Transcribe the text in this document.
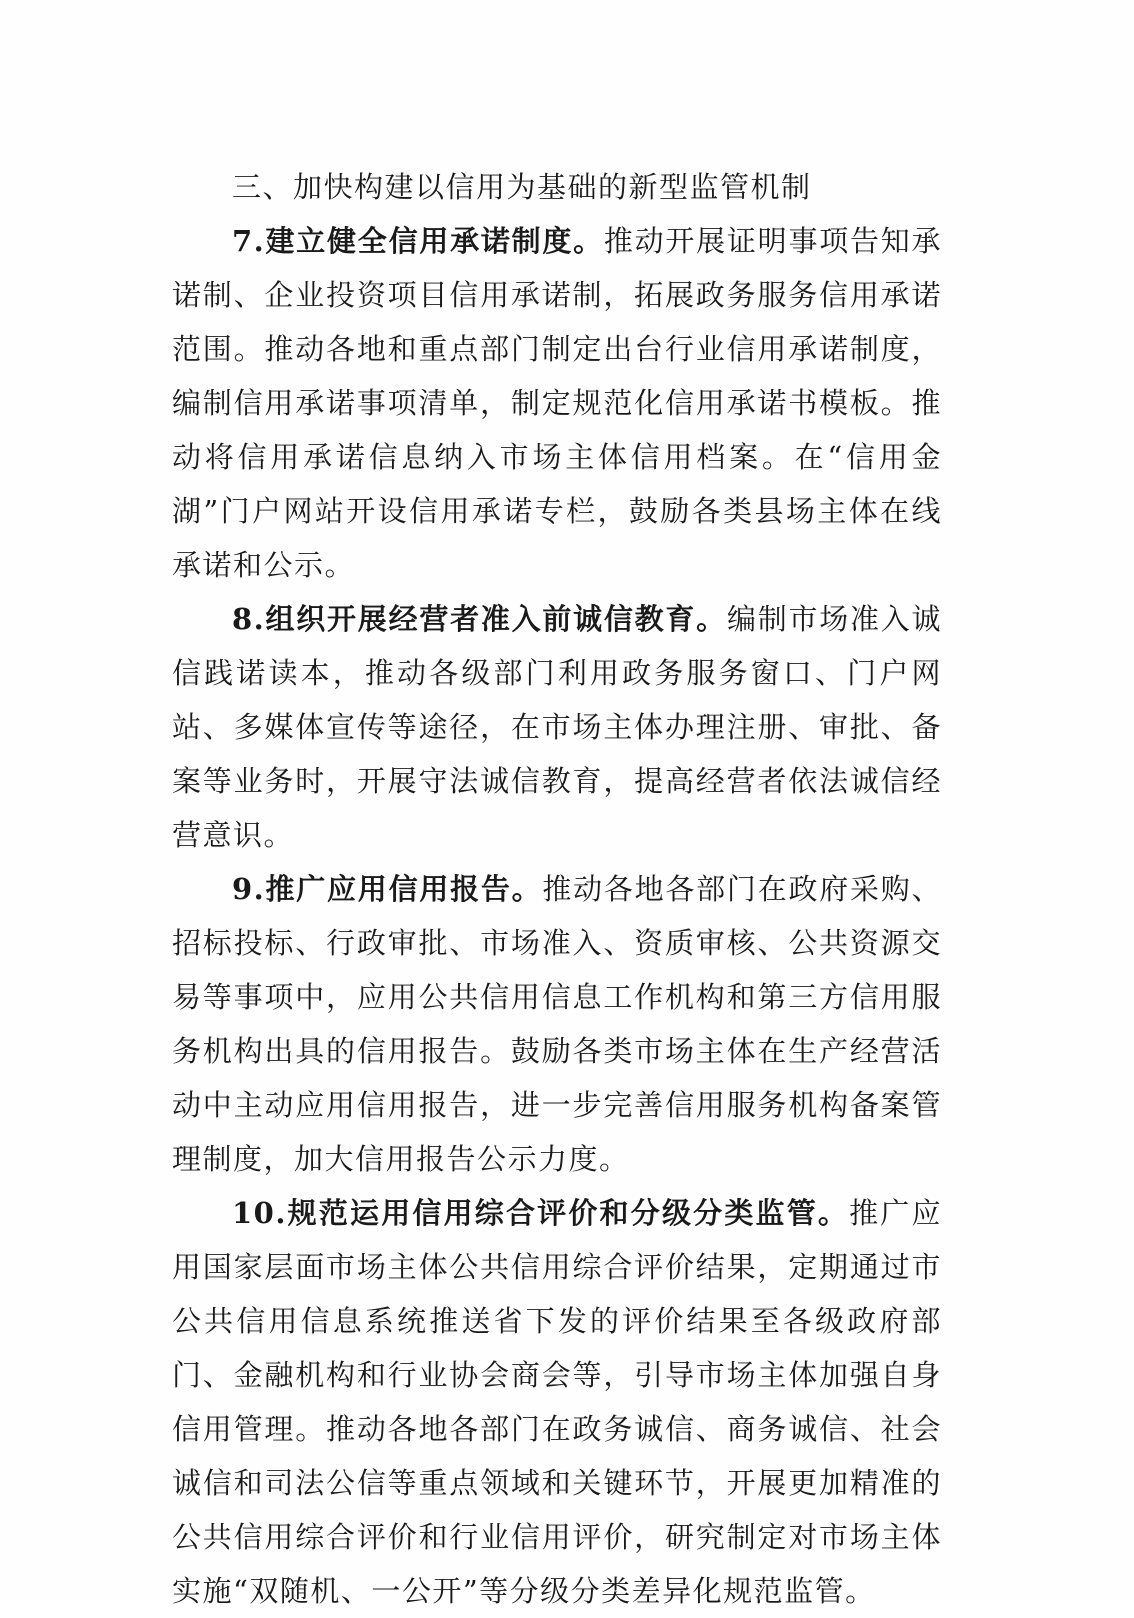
三、加快构建以信用为基础的新型监管机制

7.建立健全信用承诺制度。推动开展证明事项告知承诺制、企业投资项目信用承诺制，拓展政务服务信用承诺范围。推动各地和重点部门制定出台行业信用承诺制度，编制信用承诺事项清单，制定规范化信用承诺书模板。推动将信用承诺信息纳入市场主体信用档案。在“信用金湖”门户网站开设信用承诺专栏，鼓励各类县场主体在线承诺和公示。

8.组织开展经营者准入前诚信教育。编制市场准入诚信践诺读本，推动各级部门利用政务服务窗口、门户网站、多媒体宣传等途径，在市场主体办理注册、审批、备案等业务时，开展守法诚信教育，提高经营者依法诚信经营意识。

9.推广应用信用报告。推动各地各部门在政府采购、招标投标、行政审批、市场准入、资质审核、公共资源交易等事项中，应用公共信用信息工作机构和第三方信用服务机构出具的信用报告。鼓励各类市场主体在生产经营活动中主动应用信用报告，进一步完善信用服务机构备案管理制度，加大信用报告公示力度。

10.规范运用信用综合评价和分级分类监管。推广应用国家层面市场主体公共信用综合评价结果，定期通过市公共信用信息系统推送省下发的评价结果至各级政府部门、金融机构和行业协会商会等，引导市场主体加强自身信用管理。推动各地各部门在政务诚信、商务诚信、社会诚信和司法公信等重点领域和关键环节，开展更加精准的公共信用综合评价和行业信用评价，研究制定对市场主体实施“双随机、一公开”等分级分类差异化规范监管。
